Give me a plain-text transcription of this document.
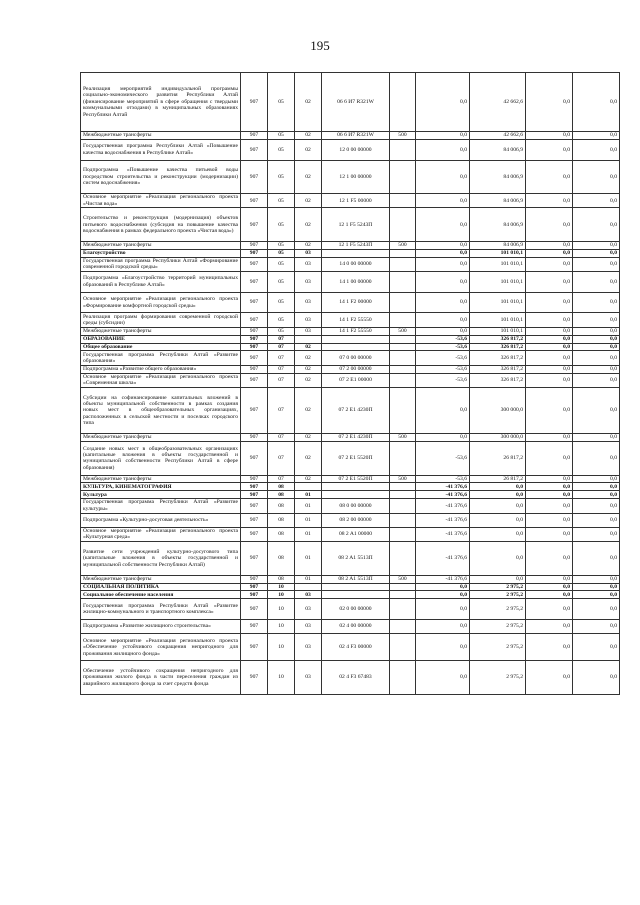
195
Реализация мероприятий индивидуальной программы социально-экономического развития Республики Алтай (финансирование мероприятий в сфере обращения с твердыми коммунальными отходами) в муниципальных образованиях Республики Алтай	907	05	02	06 6 И7 R321W		0,0	42 662,6	0,0	0,0
Межбюджетные трансферты	907	05	02	06 6 И7 R321W	500	0,0	42 662,6	0,0	0,0
Государственная программа Республики Алтай «Повышение качества водоснабжения в Республике Алтай»	907	05	02	12 0 00 00000		0,0	84 006,9	0,0	0,0
Подпрограмма «Повышение качества питьевой воды посредством строительства и реконструкции (модернизации) систем водоснабжения»	907	05	02	12 1 00 00000		0,0	84 006,9	0,0	0,0
Основное мероприятие «Реализация регионального проекта «Чистая вода»	907	05	02	12 1 F5 00000		0,0	84 006,9	0,0	0,0
Строительство и реконструкция (модернизация) объектов питьевого водоснабжения (субсидия на повышение качества водоснабжения в рамках федерального проекта «Чистая вода»)	907	05	02	12 1 F5 5243П		0,0	84 006,9	0,0	0,0
Межбюджетные трансферты	907	05	02	12 1 F5 5243П	500	0,0	84 006,9	0,0	0,0
Благоустройство	907	05	03			0,0	101 010,1	0,0	0,0
Государственная программа Республики Алтай «Формирование современной городской среды»	907	05	03	14 0 00 00000		0,0	101 010,1	0,0	0,0
Подпрограмма «Благоустройство территорий муниципальных образований в Республике Алтай»	907	05	03	14 1 00 00000		0,0	101 010,1	0,0	0,0
Основное мероприятие «Реализация регионального проекта «Формирование комфортной городской среды»	907	05	03	14 1 F2 00000		0,0	101 010,1	0,0	0,0
Реализация программ формирования современной городской среды (субсидии)	907	05	03	14 1 F2 55550		0,0	101 010,1	0,0	0,0
Межбюджетные трансферты	907	05	03	14 1 F2 55550	500	0,0	101 010,1	0,0	0,0
ОБРАЗОВАНИЕ	907	07				-53,6	326 817,2	0,0	0,0
Общее образование	907	07	02			-53,6	326 817,2	0,0	0,0
Государственная программа Республики Алтай «Развитие образования»	907	07	02	07 0 00 00000		-53,6	326 817,2	0,0	0,0
Подпрограмма «Развитие общего образования»	907	07	02	07 2 00 00000		-53,6	326 817,2	0,0	0,0
Основное мероприятие «Реализация регионального проекта «Современная школа»	907	07	02	07 2 E1 00000		-53,6	326 817,2	0,0	0,0
Субсидии на софинансирование капитальных вложений в объекты муниципальной собственности в рамках создания новых мест в общеобразовательных организациях, расположенных в сельской местности и поселках городского типа	907	07	02	07 2 E1 4230П		0,0	300 000,0	0,0	0,0
Межбюджетные трансферты	907	07	02	07 2 E1 4230П	500	0,0	300 000,0	0,0	0,0
Создание новых мест в общеобразовательных организациях (капитальные вложения в объекты государственной и муниципальной собственности Республики Алтай в сфере образования)	907	07	02	07 2 E1 5520П		-53,6	26 817,2	0,0	0,0
Межбюджетные трансферты	907	07	02	07 2 E1 5520П	500	-53,6	26 817,2	0,0	0,0
КУЛЬТУРА, КИНЕМАТОГРАФИЯ	907	08				-41 376,6	0,0	0,0	0,0
Культура	907	08	01			-41 376,6	0,0	0,0	0,0
Государственная программа Республики Алтай «Развитие культуры»	907	08	01	08 0 00 00000		-41 376,6	0,0	0,0	0,0
Подпрограмма «Культурно-досуговая деятельность»	907	08	01	08 2 00 00000		-41 376,6	0,0	0,0	0,0
Основное мероприятие «Реализация регионального проекта «Культурная среда»	907	08	01	08 2 A1 00000		-41 376,6	0,0	0,0	0,0
Развитие сети учреждений культурно-досугового типа (капитальные вложения в объекты государственной и муниципальной собственности Республики Алтай)	907	08	01	08 2 A1 5513П		-41 376,6	0,0	0,0	0,0
Межбюджетные трансферты	907	08	01	08 2 A1 5513П	500	-41 376,6	0,0	0,0	0,0
СОЦИАЛЬНАЯ ПОЛИТИКА	907	10				0,0	2 975,2	0,0	0,0
Социальное обеспечение населения	907	10	03			0,0	2 975,2	0,0	0,0
Государственная программа Республики Алтай «Развитие жилищно-коммунального и транспортного комплекса»	907	10	03	02 0 00 00000		0,0	2 975,2	0,0	0,0
Подпрограмма «Развитие жилищного строительства»	907	10	03	02 4 00 00000		0,0	2 975,2	0,0	0,0
Основное мероприятие «Реализация регионального проекта «Обеспечение устойчивого сокращения непригодного для проживания жилищного фонда»	907	10	03	02 4 F3 00000		0,0	2 975,2	0,0	0,0
Обеспечение устойчивого сокращения непригодного для проживания жилого фонда в части переселения граждан из аварийного жилищного фонда за счет средств фонда	907	10	03	02 4 F3 67483		0,0	2 975,2	0,0	0,0
